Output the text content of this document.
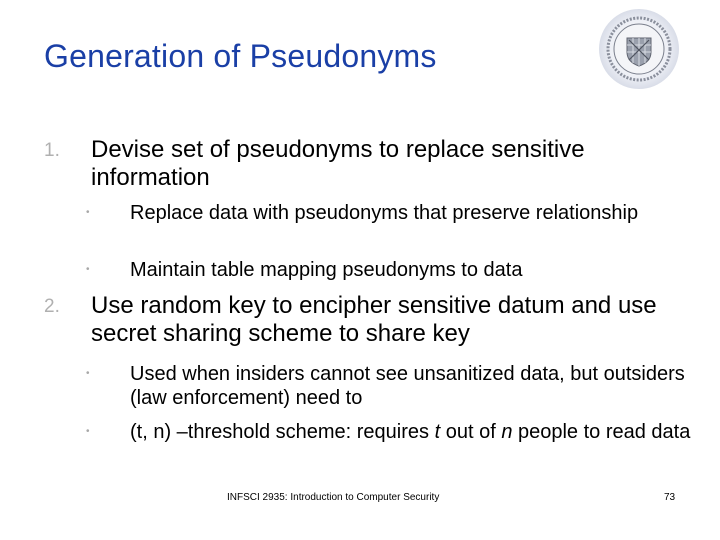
Generation of Pseudonyms
1. Devise set of pseudonyms to replace sensitive information
• Replace data with pseudonyms that preserve relationship
• Maintain table mapping pseudonyms to data
2. Use random key to encipher sensitive datum and use secret sharing scheme to share key
• Used when insiders cannot see unsanitized data, but outsiders (law enforcement) need to
• (t, n) –threshold scheme: requires t out of n people to read data
INFSCI 2935: Introduction to Computer Security	73
